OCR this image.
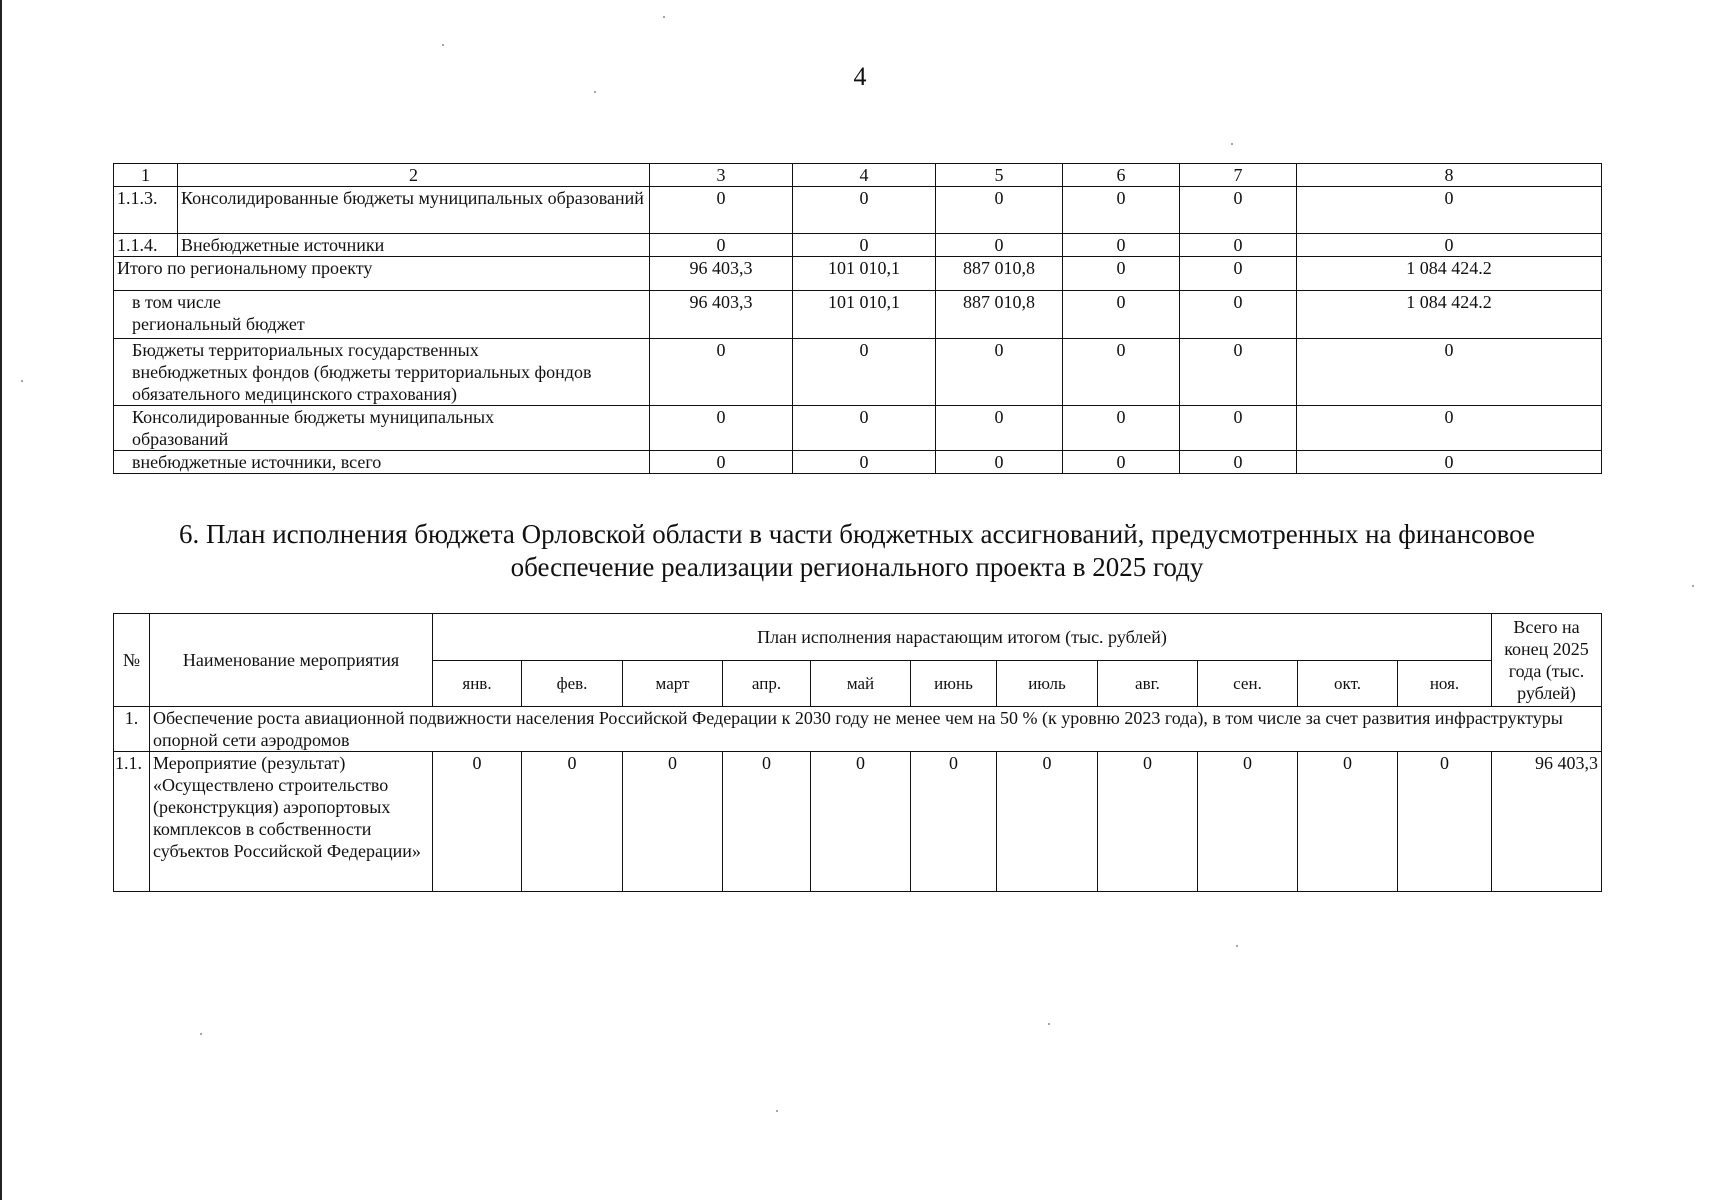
4
1	2	3	4	5	6	7	8
1.1.3.	Консолидированные бюджеты муниципальных образований	0	0	0	0	0	0
1.1.4.	Внебюджетные источники	0	0	0	0	0	0
Итого по региональному проекту		96 403,3	101 010,1	887 010,8	0	0	1 084 424.2
в том числе
региональный бюджет		96 403,3	101 010,1	887 010,8	0	0	1 084 424.2
Бюджеты территориальных государственных внебюджетных фондов (бюджеты территориальных фондов обязательного медицинского страхования)		0	0	0	0	0	0
Консолидированные бюджеты муниципальных образований		0	0	0	0	0	0
внебюджетные источники, всего		0	0	0	0	0	0
6. План исполнения бюджета Орловской области в части бюджетных ассигнований, предусмотренных на финансовое обеспечение реализации регионального проекта в 2025 году
№	Наименование мероприятия	План исполнения нарастающим итогом (тыс. рублей)											Всего на конец 2025 года (тыс. рублей)
		янв.	фев.	март	апр.	май	июнь	июль	авг.	сен.	окт.	ноя.	
1.	Обеспечение роста авиационной подвижности населения Российской Федерации к 2030 году не менее чем на 50 % (к уровню 2023 года), в том числе за счет развития инфраструктуры опорной сети аэродромов												
1.1.	Мероприятие (результат) «Осуществлено строительство (реконструкция) аэропортовых комплексов в собственности субъектов Российской Федерации»	0	0	0	0	0	0	0	0	0	0	0	96 403,3
